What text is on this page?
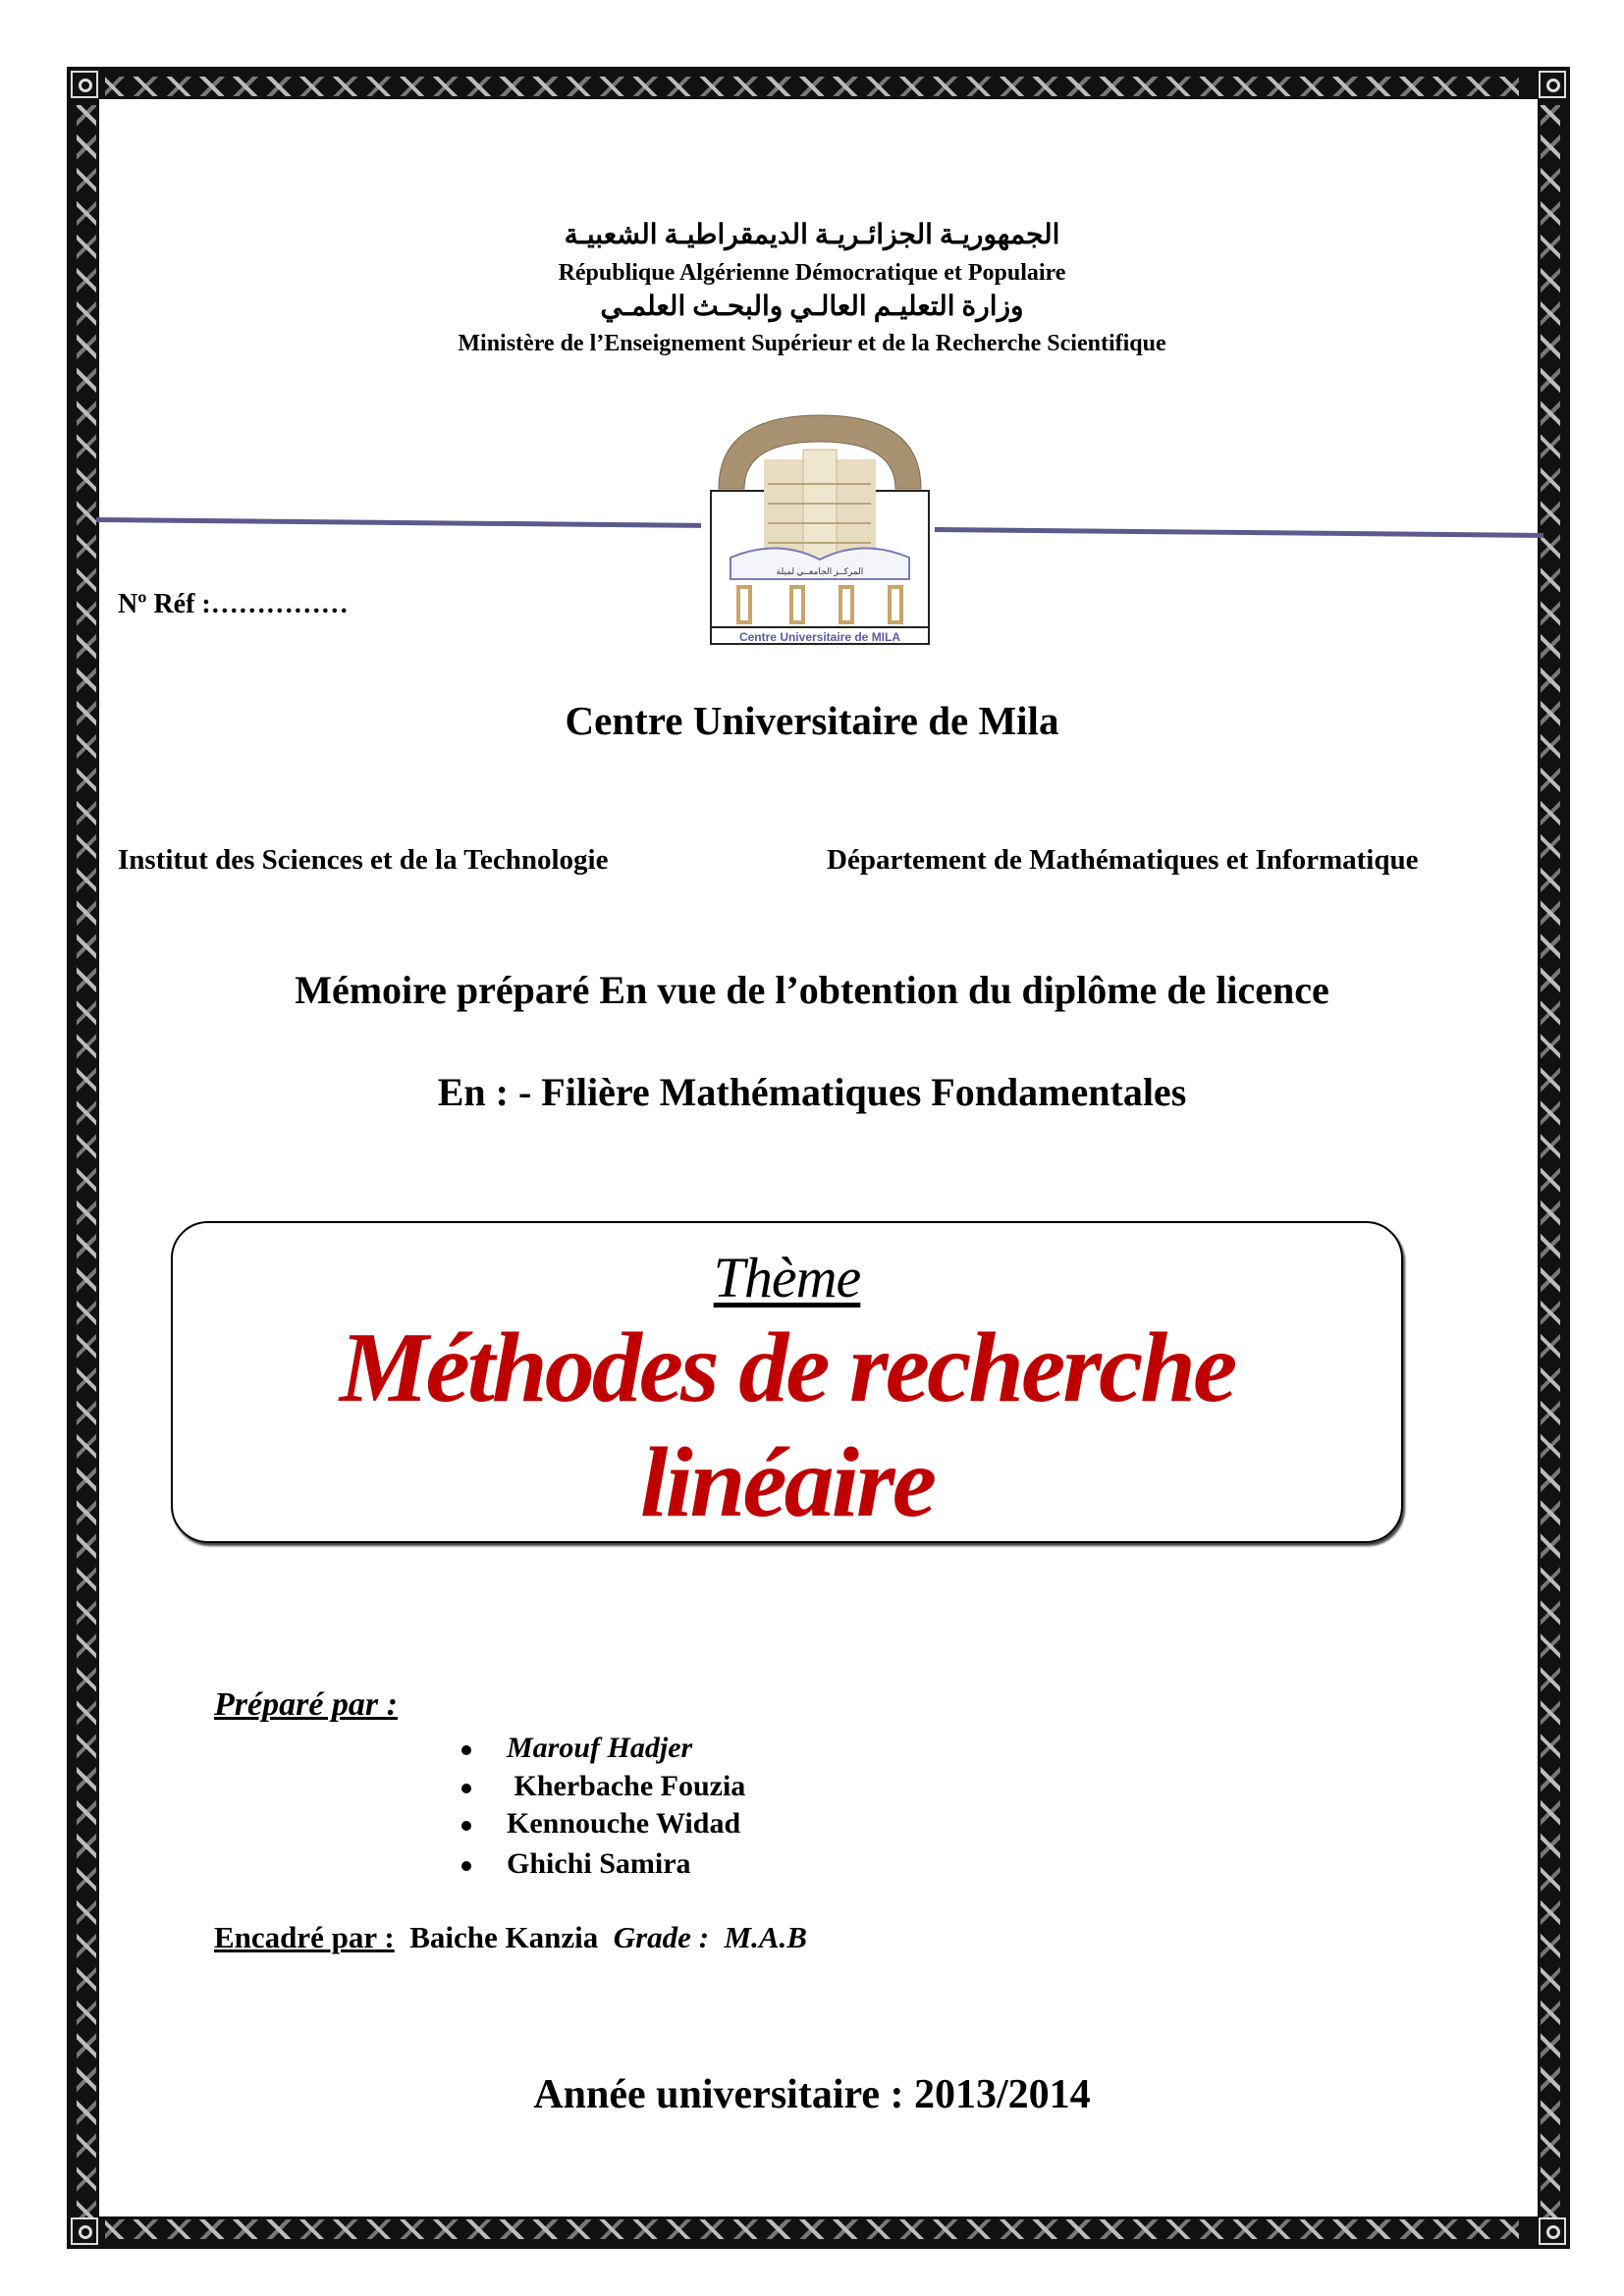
الجمهوريـة الجزائـريـة الديمقراطيـة الشعبيـة
République Algérienne Démocratique et Populaire
وزارة التعليـم العالـي والبحـث العلمـي
Ministère de l’Enseignement Supérieur et de la Recherche Scientifique
المركــز الجامعــي لميلة
Centre Universitaire de MILA
Nº Réf :……………
Centre Universitaire de Mila
Institut des Sciences et de la Technologie	Département de Mathématiques et Informatique
Mémoire préparé En vue de l’obtention du diplôme de licence
En : - Filière Mathématiques Fondamentales
Thème
Méthodes de recherche
linéaire
Préparé par :
Marouf Hadjer
Kherbache Fouzia
Kennouche Widad
Ghichi Samira
Encadré par : Baiche Kanzia Grade : M.A.B
Année universitaire : 2013/2014
